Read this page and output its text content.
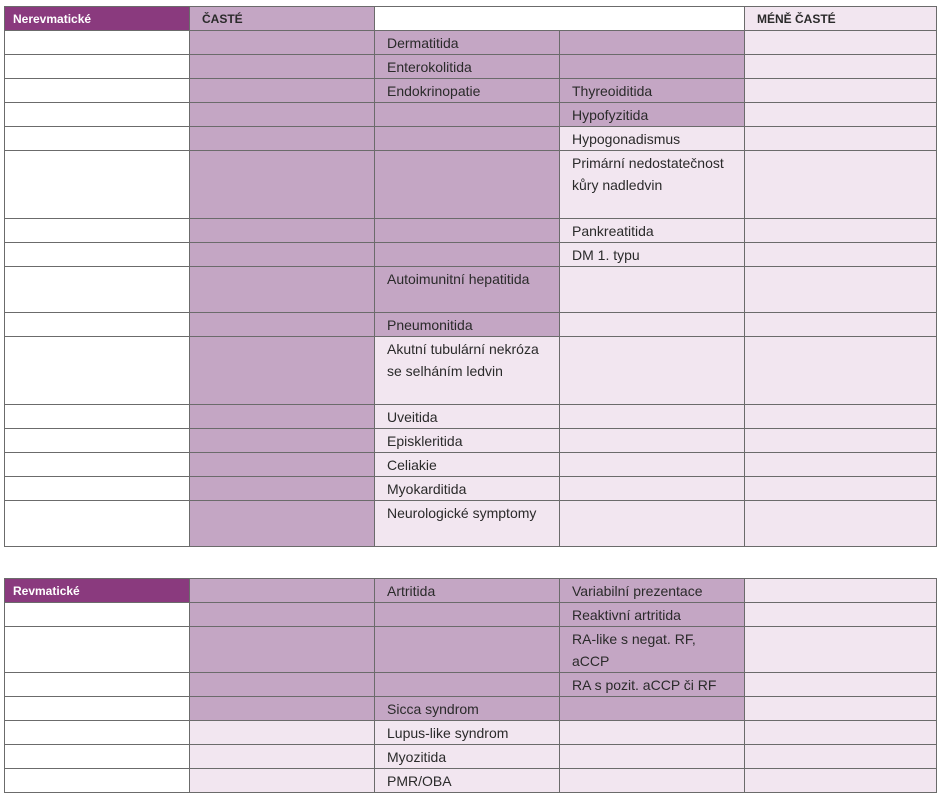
Nerevmatické	ČASTÉ			MÉNĚ ČASTÉ
		Dermatitida		
		Enterokolitida		
		Endokrinopatie	Thyreoiditida	
			Hypofyzitida	
			Hypogonadismus	
			Primární nedostatečnost kůry nadledvin	
			Pankreatitida	
			DM 1. typu	
		Autoimunitní hepatitida		
		Pneumonitida		
		Akutní tubulární nekróza se selháním ledvin		
		Uveitida		
		Episkleritida		
		Celiakie		
		Myokarditida		
		Neurologické symptomy		
Revmatické		Artritida	Variabilní prezentace	
			Reaktivní artritida	
			RA-like s negat. RF, aCCP	
			RA s pozit. aCCP či RF	
		Sicca syndrom		
		Lupus-like syndrom		
		Myozitida		
		PMR/OBA		
